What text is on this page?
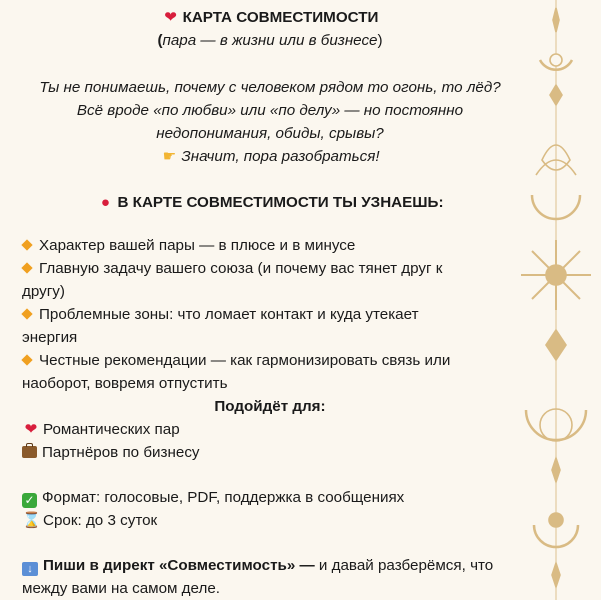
❤ КАРТА СОВМЕСТИМОСТИ
(пара — в жизни или в бизнесе)
Ты не понимаешь, почему с человеком рядом то огонь, то лёд?
Всё вроде «по любви» или «по делу» — но постоянно
недопонимания, обиды, срывы?
☛ Значит, пора разобраться!
● В КАРТЕ СОВМЕСТИМОСТИ ТЫ УЗНАЕШЬ:
Характер вашей пары — в плюсе и в минусе
Главную задачу вашего союза (и почему вас тянет друг к
другу)
Проблемные зоны: что ломает контакт и куда утекает
энергия
Честные рекомендации — как гармонизировать связь или
наоборот, вовремя отпустить
Подойдёт для:
❤ Романтических пар
Партнёров по бизнесу
✓ Формат: голосовые, PDF, поддержка в сообщениях
⌛ Срок: до 3 суток
↓ Пиши в директ «Совместимость» — и давай разберёмся, что
между вами на самом деле.
